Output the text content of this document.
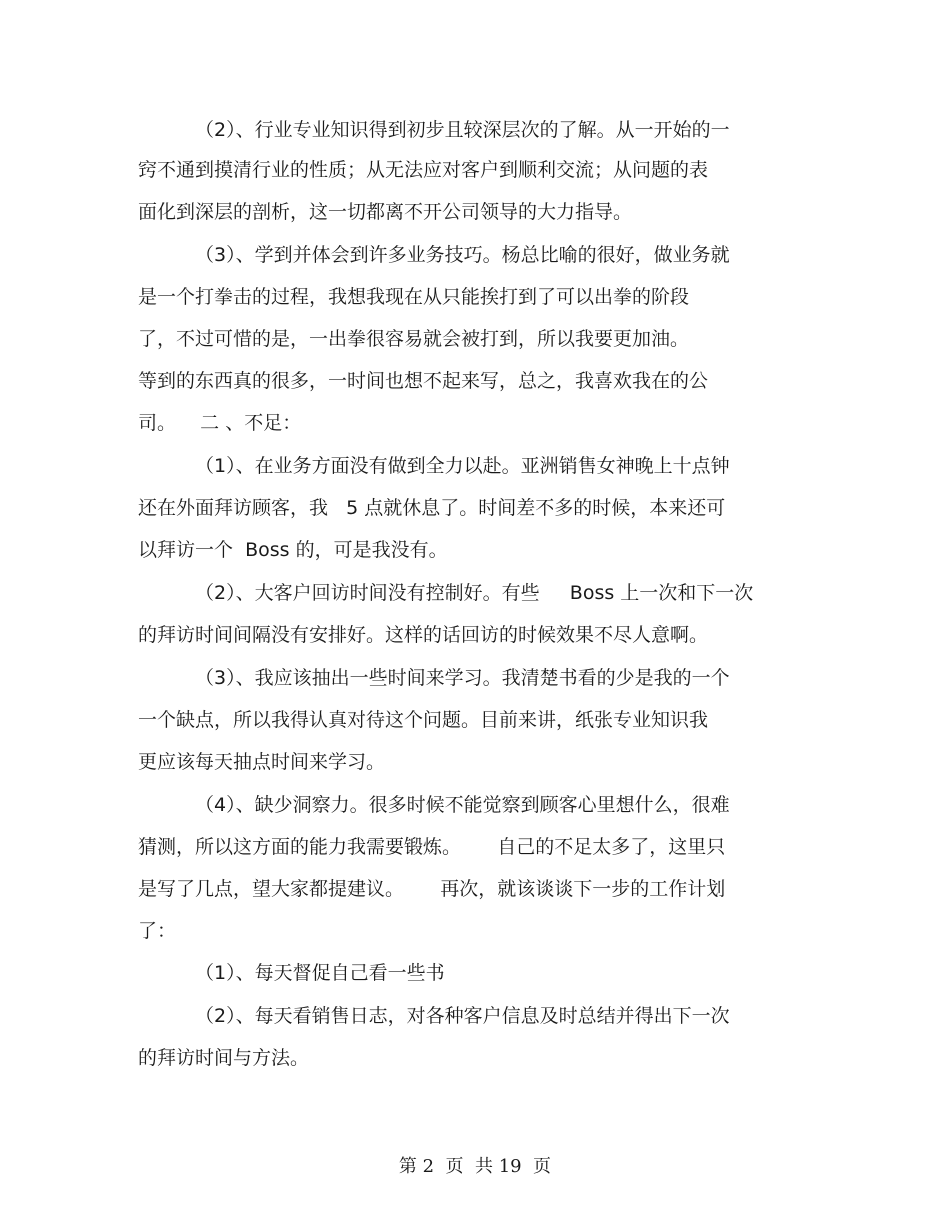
（2）、行业专业知识得到初步且较深层次的了解。从一开始的一
窍不通到摸清行业的性质；从无法应对客户到顺利交流；从问题的表
面化到深层的剖析，这一切都离不开公司领导的大力指导。
（3）、学到并体会到许多业务技巧。杨总比喻的很好，做业务就
是一个打拳击的过程，我想我现在从只能挨打到了可以出拳的阶段
了，不过可惜的是，一出拳很容易就会被打到，所以我要更加油。
等到的东西真的很多，一时间也想不起来写，总之，我喜欢我在的公
司。    二 、不足：
（1）、在业务方面没有做到全力以赴。亚洲销售女神晚上十点钟
还在外面拜访顾客，我   5 点就休息了。时间差不多的时候，本来还可
以拜访一个  Boss 的，可是我没有。
（2）、大客户回访时间没有控制好。有些     Boss 上一次和下一次
的拜访时间间隔没有安排好。这样的话回访的时候效果不尽人意啊。
（3）、我应该抽出一些时间来学习。我清楚书看的少是我的一个
一个缺点，所以我得认真对待这个问题。目前来讲，纸张专业知识我
更应该每天抽点时间来学习。
（4）、缺少洞察力。很多时候不能觉察到顾客心里想什么，很难
猜测，所以这方面的能力我需要锻炼。      自己的不足太多了，这里只
是写了几点，望大家都提建议。      再次，就该谈谈下一步的工作计划
了：
（1）、每天督促自己看一些书
（2）、每天看销售日志，对各种客户信息及时总结并得出下一次
的拜访时间与方法。
第 2  页  共 19  页
